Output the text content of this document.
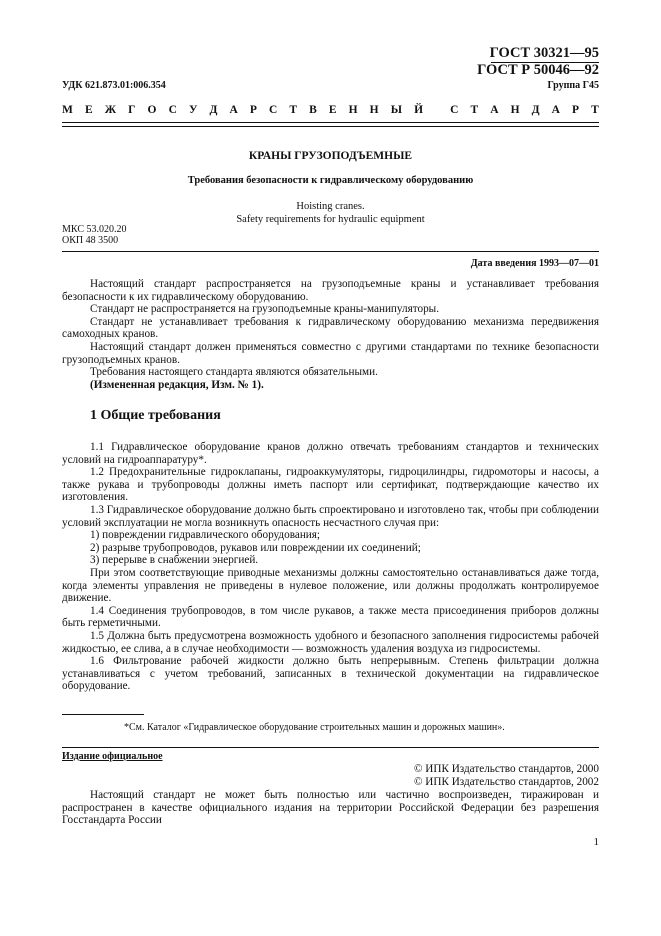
ГОСТ 30321—95
ГОСТ Р 50046—92
УДК 621.873.01:006.354	Группа Г45
М Е Ж Г О С У Д А Р С Т В Е Н Н Ы Й
С Т А Н Д А Р Т
КРАНЫ ГРУЗОПОДЪЕМНЫЕ
Требования безопасности к гидравлическому оборудованию
Hoisting cranes.
Safety requirements for hydraulic equipment
МКС 53.020.20
ОКП 48 3500
Дата введения 1993—07—01

Настоящий стандарт распространяется на грузоподъемные краны и устанавливает требования безопасности к их гидравлическому оборудованию.

Стандарт не распространяется на грузоподъемные краны-манипуляторы.

Стандарт не устанавливает требования к гидравлическому оборудованию механизма передвижения самоходных кранов.

Настоящий стандарт должен применяться совместно с другими стандартами по технике безопасности грузоподъемных кранов.

Требования настоящего стандарта являются обязательными.

(Измененная редакция, Изм. № 1).

1 Общие требования

1.1 Гидравлическое оборудование кранов должно отвечать требованиям стандартов и технических условий на гидроаппаратуру*.

1.2 Предохранительные гидроклапаны, гидроаккумуляторы, гидроцилиндры, гидромоторы и насосы, а также рукава и трубопроводы должны иметь паспорт или сертификат, подтверждающие качество их изготовления.

1.3 Гидравлическое оборудование должно быть спроектировано и изготовлено так, чтобы при соблюдении условий эксплуатации не могла возникнуть опасность несчастного случая при:

1) повреждении гидравлического оборудования;

2) разрыве трубопроводов, рукавов или повреждении их соединений;

3) перерыве в снабжении энергией.

При этом соответствующие приводные механизмы должны самостоятельно останавливаться даже тогда, когда элементы управления не приведены в нулевое положение, или должны продолжать контролируемое движение.

1.4 Соединения трубопроводов, в том числе рукавов, а также места присоединения приборов должны быть герметичными.

1.5 Должна быть предусмотрена возможность удобного и безопасного заполнения гидросистемы рабочей жидкостью, ее слива, а в случае необходимости — возможность удаления воздуха из гидросистемы.

1.6 Фильтрование рабочей жидкости должно быть непрерывным. Степень фильтрации должна устанавливаться с учетом требований, записанных в технической документации на гидравлическое оборудование.

*См. Каталог «Гидравлическое оборудование строительных машин и дорожных машин».
Издание официальное
© ИПК Издательство стандартов, 2000
© ИПК Издательство стандартов, 2002

Настоящий стандарт не может быть полностью или частично воспроизведен, тиражирован и распространен в качестве официального издания на территории Российской Федерации без разрешения Госстандарта России

1
